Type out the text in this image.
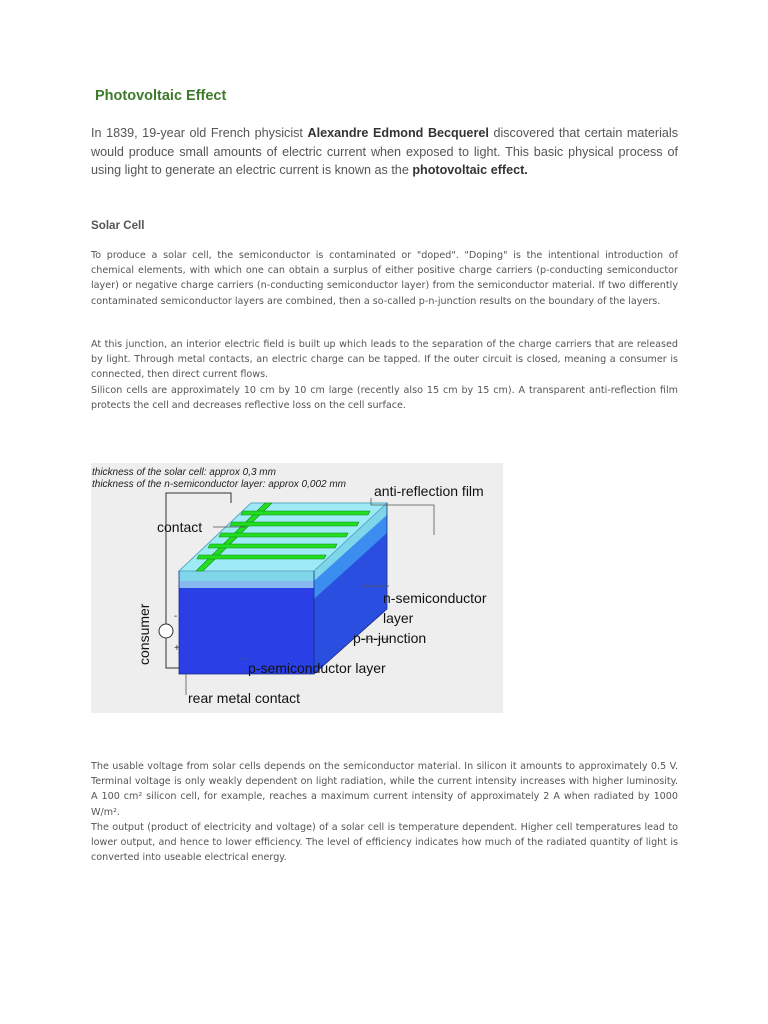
Photovoltaic Effect

In 1839, 19-year old French physicist Alexandre Edmond Becquerel discovered that certain materials would produce small amounts of electric current when exposed to light. This basic physical process of using light to generate an electric current is known as the photovoltaic effect.

Solar Cell

To produce a solar cell, the semiconductor is contaminated or "doped". "Doping" is the intentional introduction of chemical elements, with which one can obtain a surplus of either positive charge carriers (p-conducting semiconductor layer) or negative charge carriers (n-conducting semiconductor layer) from the semiconductor material. If two differently contaminated semiconductor layers are combined, then a so-called p-n-junction results on the boundary of the layers.

At this junction, an interior electric field is built up which leads to the separation of the charge carriers that are released by light. Through metal contacts, an electric charge can be tapped. If the outer circuit is closed, meaning a consumer is connected, then direct current flows.
Silicon cells are approximately 10 cm by 10 cm large (recently also 15 cm by 15 cm). A transparent anti-reflection film protects the cell and decreases reflective loss on the cell surface.
thickness of the solar cell: approx 0,3 mm
thickness of the n-semiconductor layer: approx 0,002 mm
-
+
consumer
anti-reflection film
contact
n-semiconductor
layer
p-n-junction
p-semiconductor layer
rear metal contact
The usable voltage from solar cells depends on the semiconductor material. In silicon it amounts to approximately 0.5 V. Terminal voltage is only weakly dependent on light radiation, while the current intensity increases with higher luminosity. A 100 cm² silicon cell, for example, reaches a maximum current intensity of approximately 2 A when radiated by 1000 W/m².
The output (product of electricity and voltage) of a solar cell is temperature dependent. Higher cell temperatures lead to lower output, and hence to lower efficiency. The level of efficiency indicates how much of the radiated quantity of light is converted into useable electrical energy.
